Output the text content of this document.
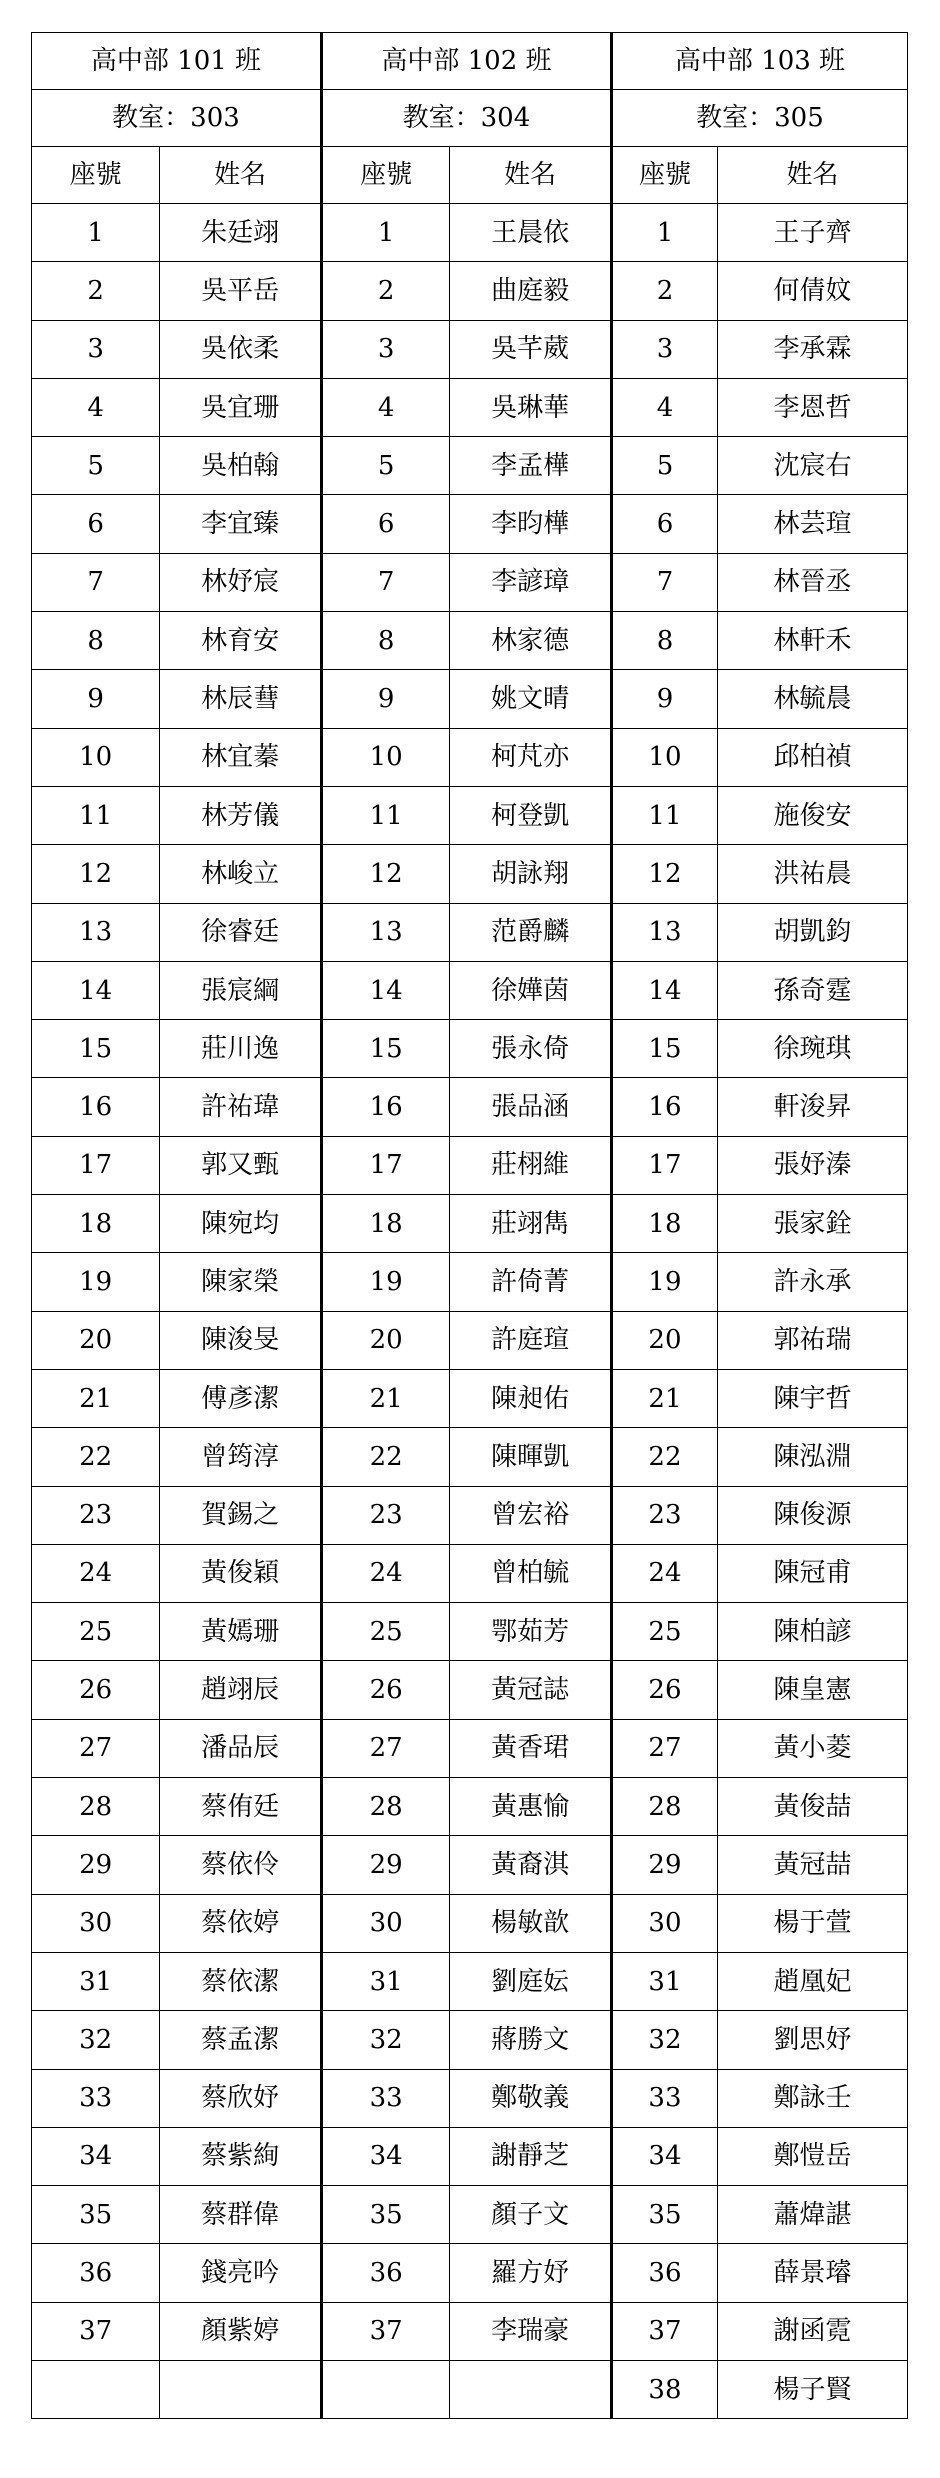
高中部 101 班		高中部 102 班		高中部 103 班	
教室：303		教室：304		教室：305	
座號	姓名	座號	姓名	座號	姓名
1	朱廷翊	1	王晨依	1	王子齊
2	吳平岳	2	曲庭毅	2	何倩妏
3	吳依柔	3	吳芊葳	3	李承霖
4	吳宜珊	4	吳琳華	4	李恩哲
5	吳柏翰	5	李孟樺	5	沈宸右
6	李宜臻	6	李昀樺	6	林芸瑄
7	林妤宸	7	李諺璋	7	林晉丞
8	林育安	8	林家德	8	林軒禾
9	林辰蔧	9	姚文晴	9	林毓晨
10	林宜蓁	10	柯芃亦	10	邱柏禎
11	林芳儀	11	柯登凱	11	施俊安
12	林峻立	12	胡詠翔	12	洪祐晨
13	徐睿廷	13	范爵麟	13	胡凱鈞
14	張宸綱	14	徐嬅茵	14	孫奇霆
15	莊川逸	15	張永倚	15	徐琬琪
16	許祐瑋	16	張品涵	16	軒浚昇
17	郭又甄	17	莊栩維	17	張妤溱
18	陳宛均	18	莊翊雋	18	張家銓
19	陳家榮	19	許倚菁	19	許永承
20	陳浚旻	20	許庭瑄	20	郭祐瑞
21	傅彥潔	21	陳昶佑	21	陳宇哲
22	曾筠淳	22	陳暉凱	22	陳泓淵
23	賀錫之	23	曾宏裕	23	陳俊源
24	黃俊穎	24	曾柏毓	24	陳冠甫
25	黃嫣珊	25	鄂茹芳	25	陳柏諺
26	趙翊辰	26	黃冠誌	26	陳皇憲
27	潘品辰	27	黃香珺	27	黃小菱
28	蔡侑廷	28	黃惠愉	28	黃俊喆
29	蔡依伶	29	黃裔淇	29	黃冠喆
30	蔡依婷	30	楊敏歆	30	楊于萱
31	蔡依潔	31	劉庭妘	31	趙凰妃
32	蔡孟潔	32	蔣勝文	32	劉思妤
33	蔡欣妤	33	鄭敬義	33	鄭詠壬
34	蔡紫絢	34	謝靜芝	34	鄭愷岳
35	蔡群偉	35	顏子文	35	蕭煒諶
36	錢亮吟	36	羅方妤	36	薛景璿
37	顏紫婷	37	李瑞豪	37	謝函霓
				38	楊子賢
